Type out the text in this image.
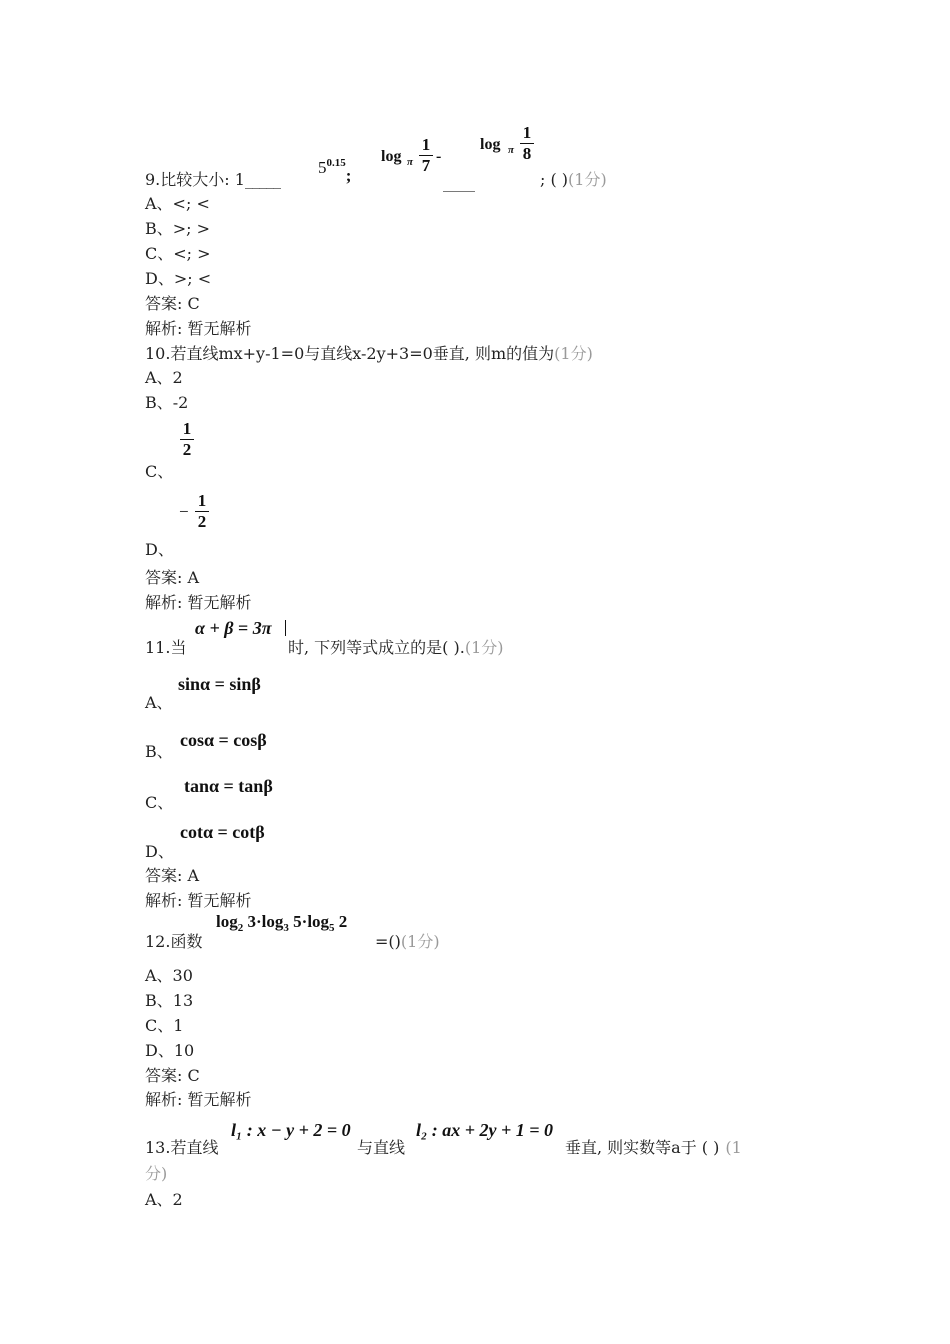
log π
1
7 -
log π
1
8
9.比较大小: 1_____
$5^{0.15}$;	____	; ( )(1分)
A、<; <
B、>; >
C、<; >
D、>; <
答案: C
解析: 暂无解析
10.若直线mx+y-1=0与直线x-2y+3=0垂直, 则m的值为(1分)
A、2
B、-2
1
2
C、
−
1
2
D、
答案: A
解析: 暂无解析
α + β = 3π
11.当	时, 下列等式成立的是( ).(1分)
sinα = sinβ
A、
cosα = cosβ
B、
tanα = tanβ
C、
cotα = cotβ
D、
答案: A
解析: 暂无解析
$\log_2 3\cdot\log_3$ $5\cdot\log_5$ 2
12.函数	=()(1分)
A、30
B、13
C、1
D、10
答案: C
解析: 暂无解析
13.若直线
l₁ : x − y + 2 = 0
与直线
l₂ : ax + 2y + 1 = 0
垂直, 则实数等a于 ( ) (1
分)
A、2
